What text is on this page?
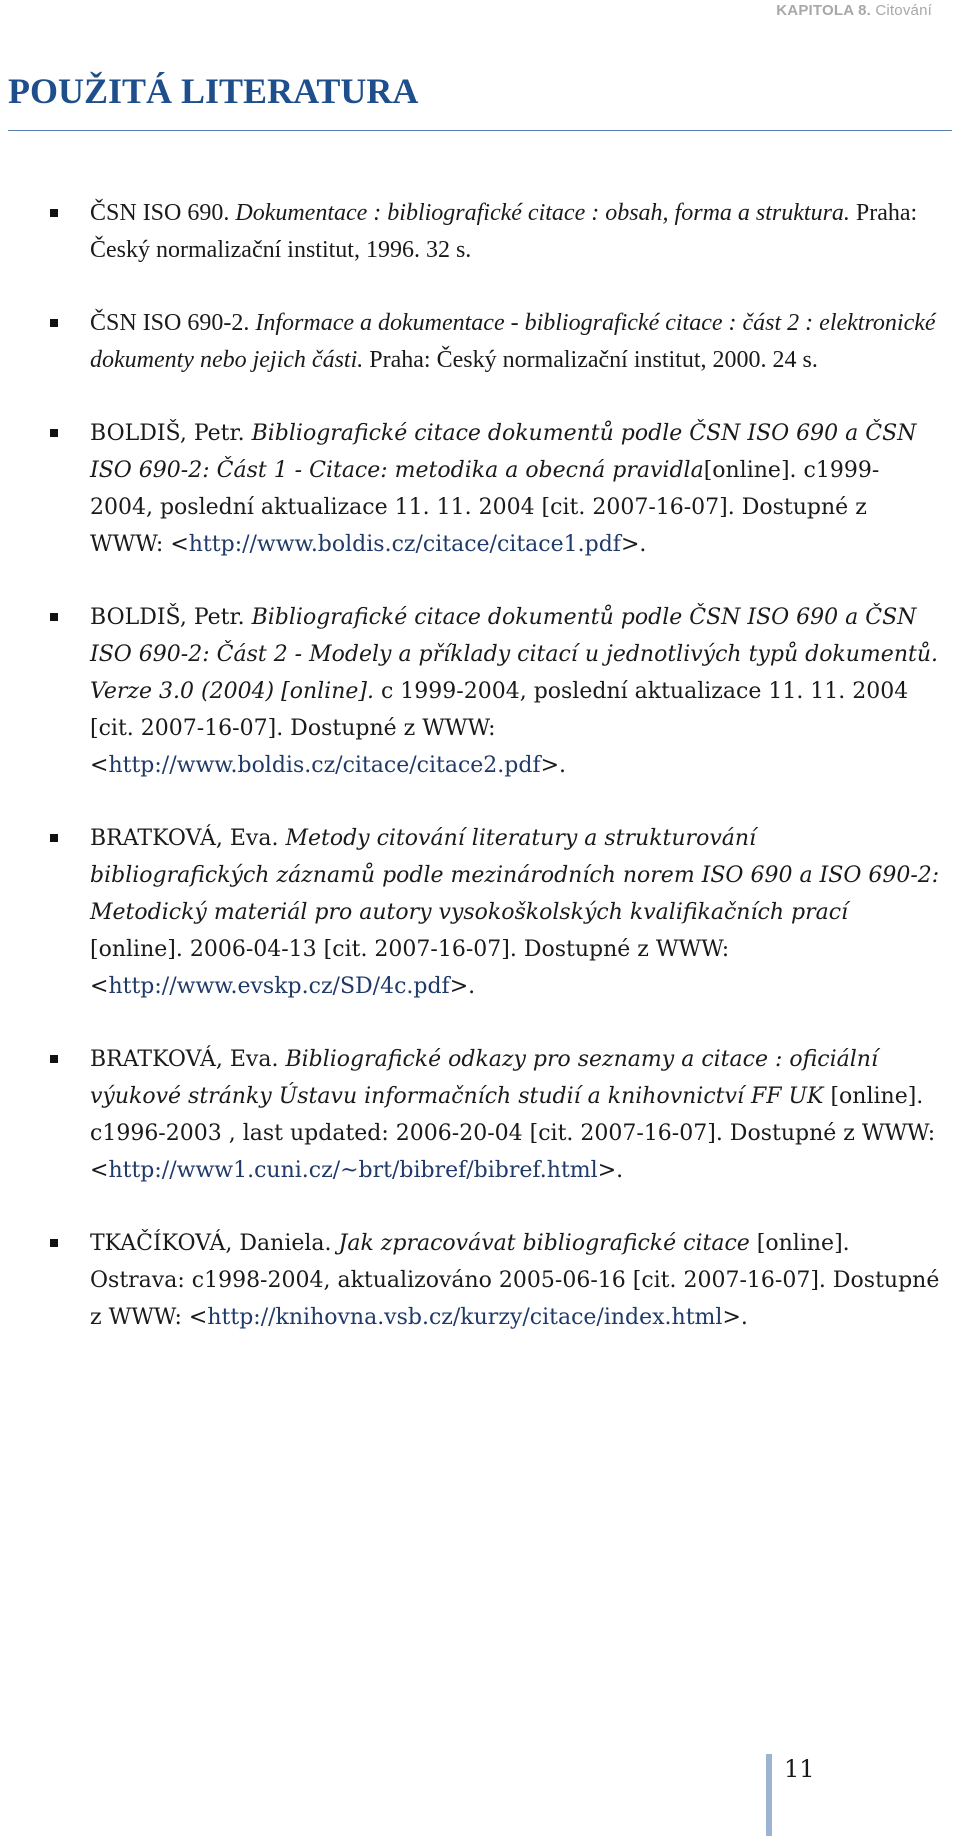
KAPITOLA 8. Citování
POUŽITÁ LITERATURA
ČSN ISO 690. Dokumentace : bibliografické citace : obsah, forma a struktura. Praha: Český normalizační institut, 1996. 32 s.
ČSN ISO 690-2. Informace a dokumentace - bibliografické citace : část 2 : elektronické dokumenty nebo jejich části. Praha: Český normalizační institut, 2000. 24 s.
BOLDIŠ, Petr. Bibliografické citace dokumentů podle ČSN ISO 690 a ČSN ISO 690-2: Část 1 - Citace: metodika a obecná pravidla[online]. c1999-2004, poslední aktualizace 11. 11. 2004 [cit. 2007-16-07]. Dostupné z WWW: <http://www.boldis.cz/citace/citace1.pdf>.
BOLDIŠ, Petr. Bibliografické citace dokumentů podle ČSN ISO 690 a ČSN ISO 690-2: Část 2 - Modely a příklady citací u jednotlivých typů dokumentů. Verze 3.0 (2004) [online]. c 1999-2004, poslední aktualizace 11. 11. 2004 [cit. 2007-16-07]. Dostupné z WWW: <http://www.boldis.cz/citace/citace2.pdf>.
BRATKOVÁ, Eva. Metody citování literatury a strukturování bibliografických záznamů podle mezinárodních norem ISO 690 a ISO 690-2: Metodický materiál pro autory vysokoškolských kvalifikačních prací [online]. 2006-04-13 [cit. 2007-16-07]. Dostupné z WWW: <http://www.evskp.cz/SD/4c.pdf>.
BRATKOVÁ, Eva. Bibliografické odkazy pro seznamy a citace : oficiální výukové stránky Ústavu informačních studií a knihovnictví FF UK [online]. c1996-2003 , last updated: 2006-20-04 [cit. 2007-16-07]. Dostupné z WWW: <http://www1.cuni.cz/~brt/bibref/bibref.html>.
TKAČÍKOVÁ, Daniela. Jak zpracovávat bibliografické citace [online]. Ostrava: c1998-2004, aktualizováno 2005-06-16 [cit. 2007-16-07]. Dostupné z WWW: <http://knihovna.vsb.cz/kurzy/citace/index.html>.
11
